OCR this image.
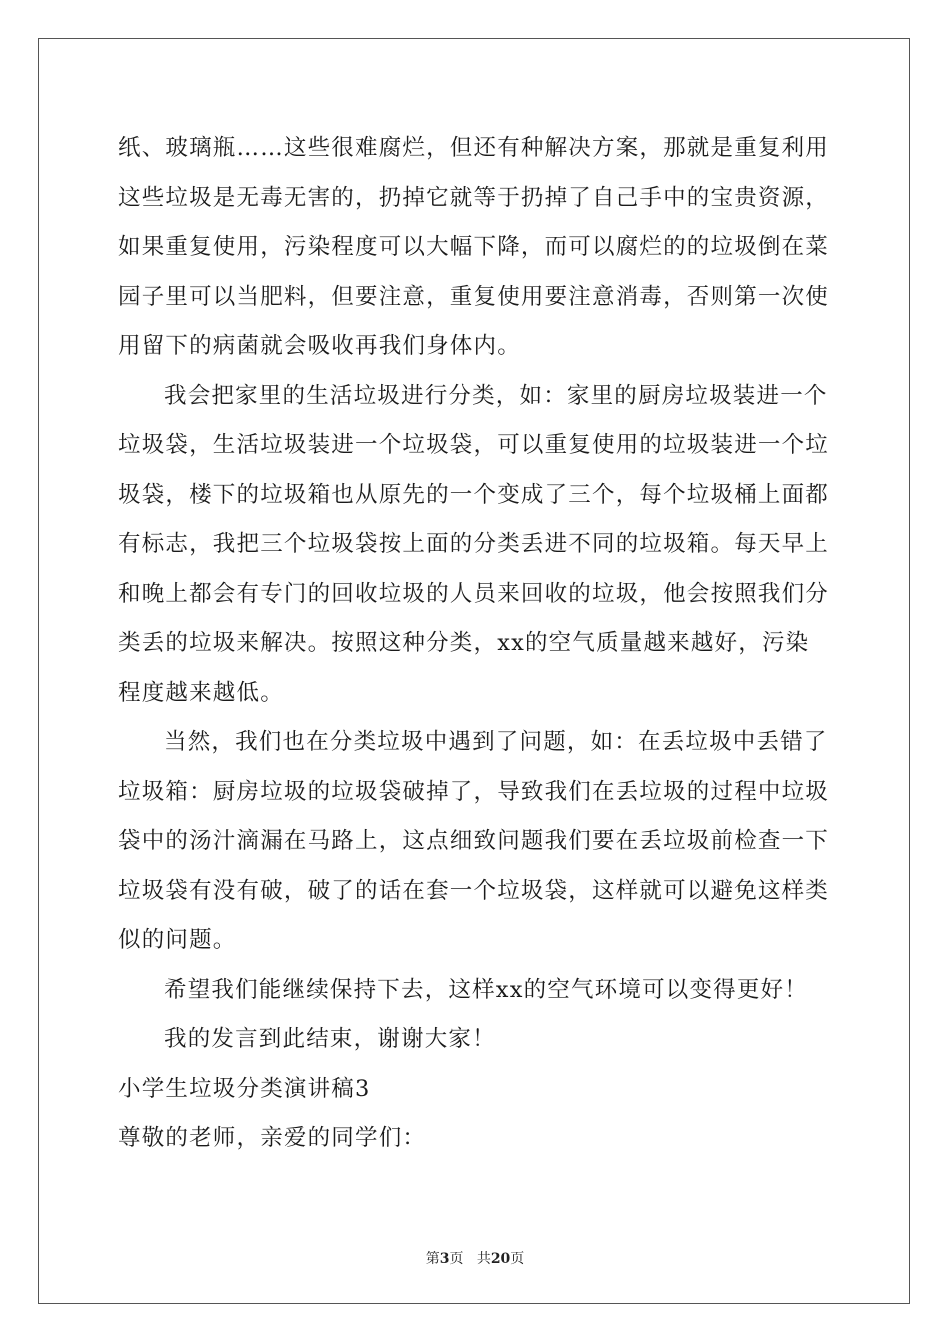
纸、玻璃瓶……这些很难腐烂，但还有种解决方案，那就是重复利用
这些垃圾是无毒无害的，扔掉它就等于扔掉了自己手中的宝贵资源，
如果重复使用，污染程度可以大幅下降，而可以腐烂的的垃圾倒在菜
园子里可以当肥料，但要注意，重复使用要注意消毒，否则第一次使
用留下的病菌就会吸收再我们身体内。
我会把家里的生活垃圾进行分类，如：家里的厨房垃圾装进一个
垃圾袋，生活垃圾装进一个垃圾袋，可以重复使用的垃圾装进一个垃
圾袋，楼下的垃圾箱也从原先的一个变成了三个，每个垃圾桶上面都
有标志，我把三个垃圾袋按上面的分类丢进不同的垃圾箱。每天早上
和晚上都会有专门的回收垃圾的人员来回收的垃圾，他会按照我们分
类丢的垃圾来解决。按照这种分类，xx的空气质量越来越好，污染
程度越来越低。
当然，我们也在分类垃圾中遇到了问题，如：在丢垃圾中丢错了
垃圾箱：厨房垃圾的垃圾袋破掉了，导致我们在丢垃圾的过程中垃圾
袋中的汤汁滴漏在马路上，这点细致问题我们要在丢垃圾前检查一下
垃圾袋有没有破，破了的话在套一个垃圾袋，这样就可以避免这样类
似的问题。
希望我们能继续保持下去，这样xx的空气环境可以变得更好！
我的发言到此结束，谢谢大家！
小学生垃圾分类演讲稿3
尊敬的老师，亲爱的同学们：
第3页 共20页
